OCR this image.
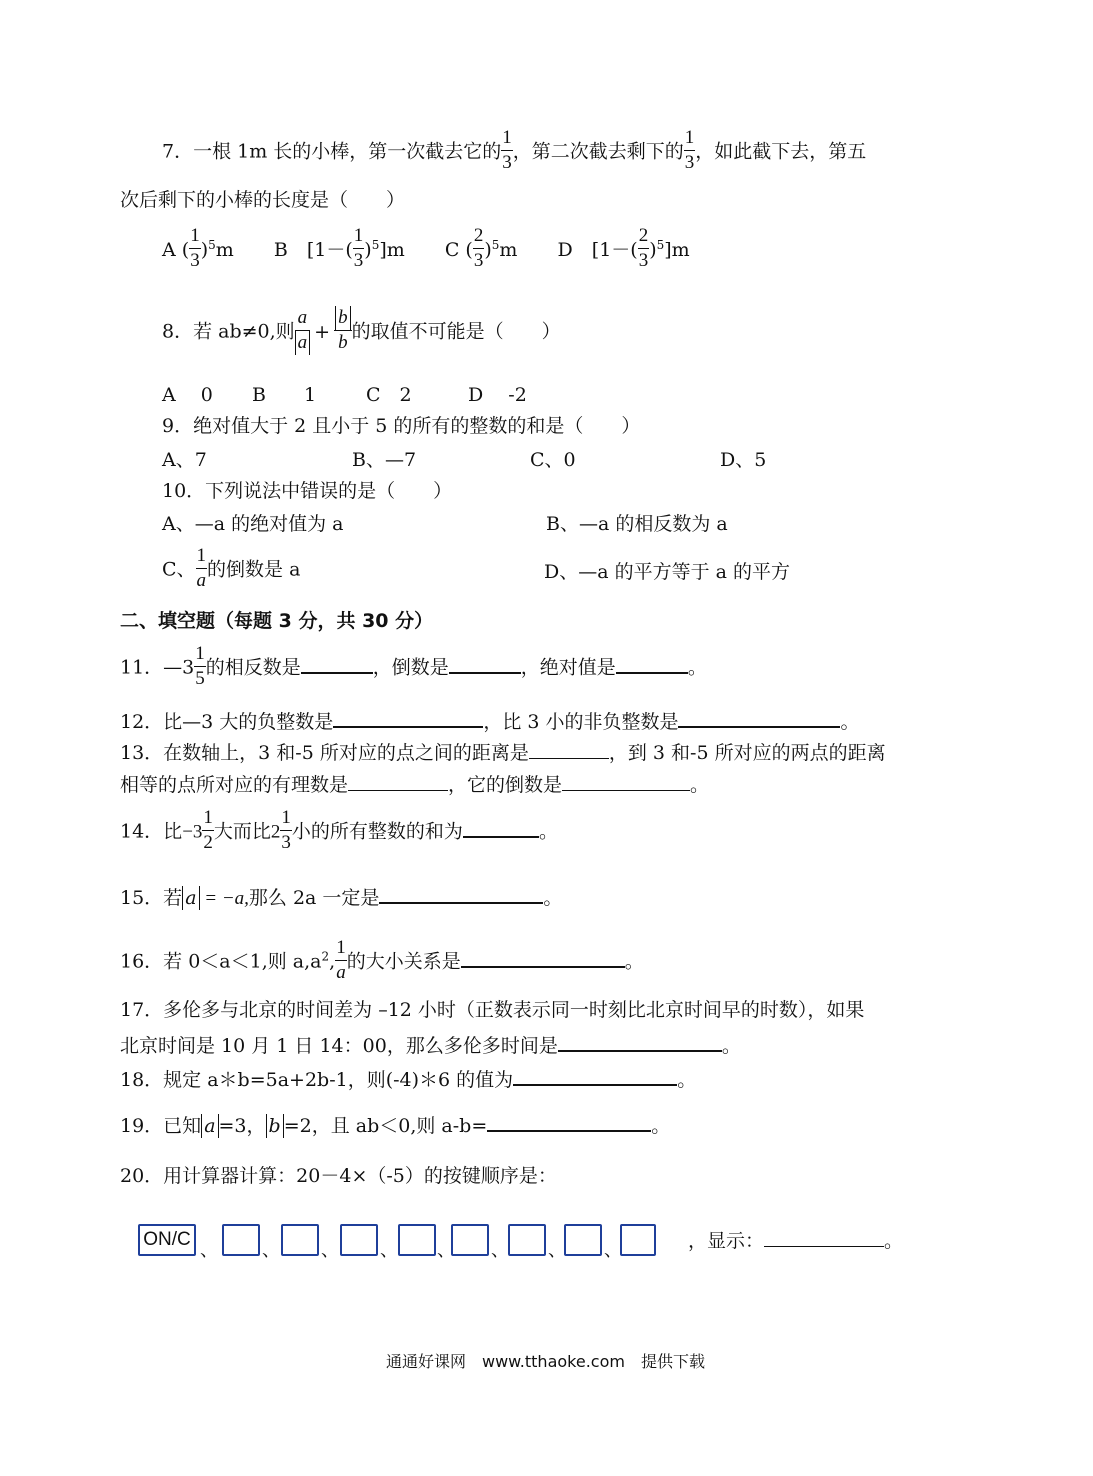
7．一根 1m 长的小棒，第一次截去它的 $\frac{1}{3}$ ，第二次截去剩下的 $\frac{1}{3}$ ，如此截下去，第五
次后剩下的小棒的长度是（　　）
A ( $\frac{1}{3} )^5m$ B　$[1-( \frac{1}{3} )^5]m$ C ( $\frac{2}{3} )^5m$ D　$[1-( \frac{2}{3} )^5]m$
8．若 ab≠0,则 $\frac{a}{a} + \frac{b}{b}$ 的取值不可能是（　　）
A　 0 B　　1	C　2	D　 -2
9．绝对值大于 2 且小于 5 的所有的整数的和是（　　）
A、7	B、—7	C、0	D、5
10．下列说法中错误的是（　　）
A、—a 的绝对值为 a	B、—a 的相反数为 a
C、 $\frac{1}{a}$ 的倒数是 a	D、—a 的平方等于 a 的平方
二、填空题（每题 3 分，共 30 分）
11．—3 $\frac{1}{5}$ 的相反数是	，倒数是	，绝对值是	。
12．比—3 大的负整数是	，比 3 小的非负整数是	。
13．在数轴上，3 和-5 所对应的点之间的距离是	，到 3 和-5 所对应的两点的距离
相等的点所对应的有理数是	，它的倒数是	。
14．比$-3 \frac{1}{2}$ 大而比$2 \frac{1}{3}$ 小的所有整数的和为	。
15．若 a = −a,那么 2a 一定是	。
16．若 0＜a＜1,则 $a,a^2$, $\frac{1}{a}$ 的大小关系是	。
17．多伦多与北京的时间差为 –12 小时（正数表示同一时刻比北京时间早的时数），如果
北京时间是 10 月 1 日 14：00，那么多伦多时间是	。
18．规定 a＊b=5a+2b-1，则(-4)＊6 的值为	。
19．已知 a =3， b =2，且 ab＜0,则 a-b=	。
20．用计算器计算：20－4×（-5）的按键顺序是：
ON/C
、 、 、 、 、 、 、 、	，显示：	。
通通好课网　www.tthaoke.com　提供下载
